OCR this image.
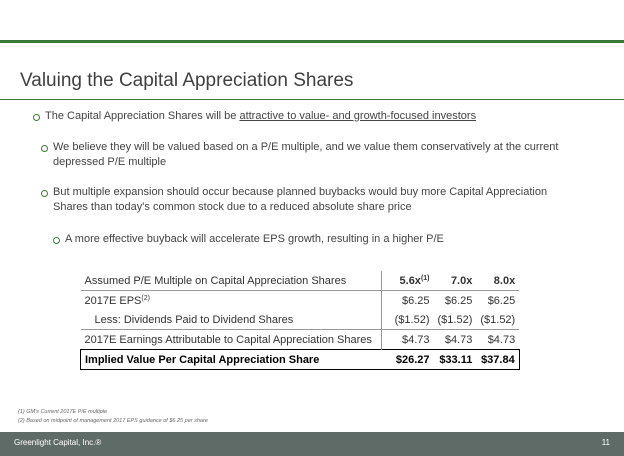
Valuing the Capital Appreciation Shares
The Capital Appreciation Shares will be attractive to value- and growth-focused investors
We believe they will be valued based on a P/E multiple, and we value them conservatively at the current
depressed P/E multiple
But multiple expansion should occur because planned buybacks would buy more Capital Appreciation
Shares than today's common stock due to a reduced absolute share price
A more effective buyback will accelerate EPS growth, resulting in a higher P/E
Assumed P/E Multiple on Capital Appreciation Shares	$5.6x^{(1)}$	7.0x	8.0x
2017E EPS$^{(2)}$	$6.25	$6.25	$6.25
Less: Dividends Paid to Dividend Shares	($1.52)	($1.52)	($1.52)
2017E Earnings Attributable to Capital Appreciation Shares	$4.73	$4.73	$4.73
Implied Value Per Capital Appreciation Share	$26.27	$33.11	$37.84
(1) GM's Current 2017E P/E multiple
(2) Based on midpoint of management 2017 EPS guidance of $6.25 per share
Greenlight Capital, Inc.®	11
